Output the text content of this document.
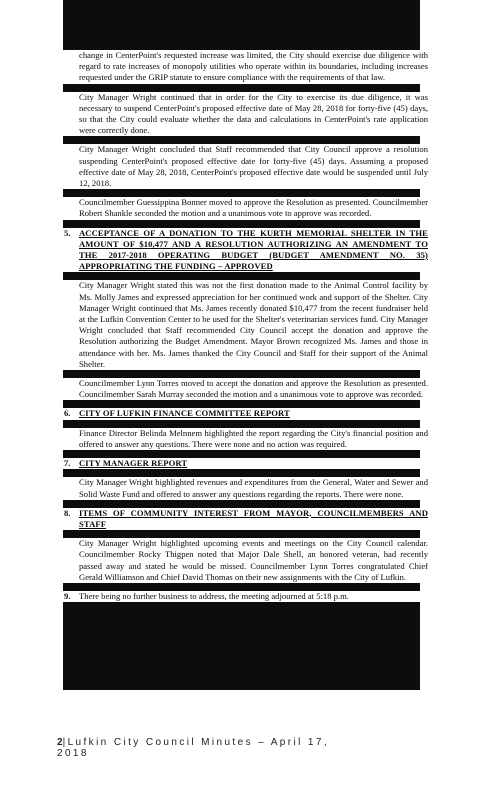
change in CenterPoint's requested increase was limited, the City should exercise due diligence with regard to rate increases of monopoly utilities who operate within its boundaries, including increases requested under the GRIP statute to ensure compliance with the requirements of that law.

City Manager Wright continued that in order for the City to exercise its due diligence, it was necessary to suspend CenterPoint's proposed effective date of May 28, 2018 for forty-five (45) days, so that the City could evaluate whether the data and calculations in CenterPoint's rate application were correctly done.

City Manager Wright concluded that Staff recommended that City Council approve a resolution suspending CenterPoint's proposed effective date for forty-five (45) days. Assuming a proposed effective date of May 28, 2018, CenterPoint's proposed effective date would be suspended until July 12, 2018.

Councilmember Guessippina Bonner moved to approve the Resolution as presented. Councilmember Robert Shankle seconded the motion and a unanimous vote to approve was recorded.

5. ACCEPTANCE OF A DONATION TO THE KURTH MEMORIAL SHELTER IN THE AMOUNT OF $10,477 AND A RESOLUTION AUTHORIZING AN AMENDMENT TO THE 2017-2018 OPERATING BUDGET (BUDGET AMENDMENT NO. 35) APPROPRIATING THE FUNDING – APPROVED

City Manager Wright stated this was not the first donation made to the Animal Control facility by Ms. Molly James and expressed appreciation for her continued work and support of the Shelter. City Manager Wright continued that Ms. James recently donated $10,477 from the recent fundraiser held at the Lufkin Convention Center to be used for the Shelter's veterinarian services fund. City Manager Wright concluded that Staff recommended City Council accept the donation and approve the Resolution authorizing the Budget Amendment. Mayor Brown recognized Ms. James and those in attendance with her. Ms. James thanked the City Council and Staff for their support of the Animal Shelter.

Councilmember Lynn Torres moved to accept the donation and approve the Resolution as presented. Councilmember Sarah Murray seconded the motion and a unanimous vote to approve was recorded.

6. CITY OF LUFKIN FINANCE COMMITTEE REPORT

Finance Director Belinda Melnnem highlighted the report regarding the City's financial position and offered to answer any questions. There were none and no action was required.

7. CITY MANAGER REPORT

City Manager Wright highlighted revenues and expenditures from the General, Water and Sewer and Solid Waste Fund and offered to answer any questions regarding the reports. There were none.

8. ITEMS OF COMMUNITY INTEREST FROM MAYOR, COUNCILMEMBERS AND STAFF

City Manager Wright highlighted upcoming events and meetings on the City Council calendar. Councilmember Rocky Thigpen noted that Major Dale Shell, an honored veteran, had recently passed away and stated he would be missed. Councilmember Lynn Torres congratulated Chief Gerald Williamson and Chief David Thomas on their new assignments with the City of Lufkin.

9. There being no further business to address, the meeting adjourned at 5:18 p.m.

2|Lufkin City Council Minutes – April 17, 2018
